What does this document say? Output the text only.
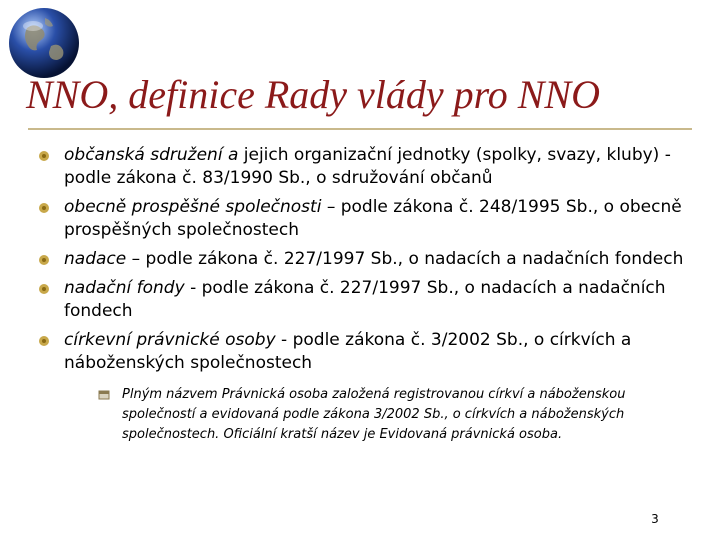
NNO, definice Rady vlády pro NNO
občanská sdružení a jejich organizační jednotky (spolky, svazy, kluby) - podle zákona č. 83/1990 Sb., o sdružování občanů
obecně prospěšné společnosti – podle zákona č. 248/1995 Sb., o obecně prospěšných společnostech
nadace – podle zákona č. 227/1997 Sb., o nadacích a nadačních fondech
nadační fondy - podle zákona č. 227/1997 Sb., o nadacích a nadačních fondech
církevní právnické osoby - podle zákona č. 3/2002 Sb., o církvích a náboženských společnostech
Plným názvem Právnická osoba založená registrovanou církví a náboženskou společností a evidovaná podle zákona 3/2002 Sb., o církvích a náboženských společnostech. Oficiální kratší název je Evidovaná právnická osoba.
3
